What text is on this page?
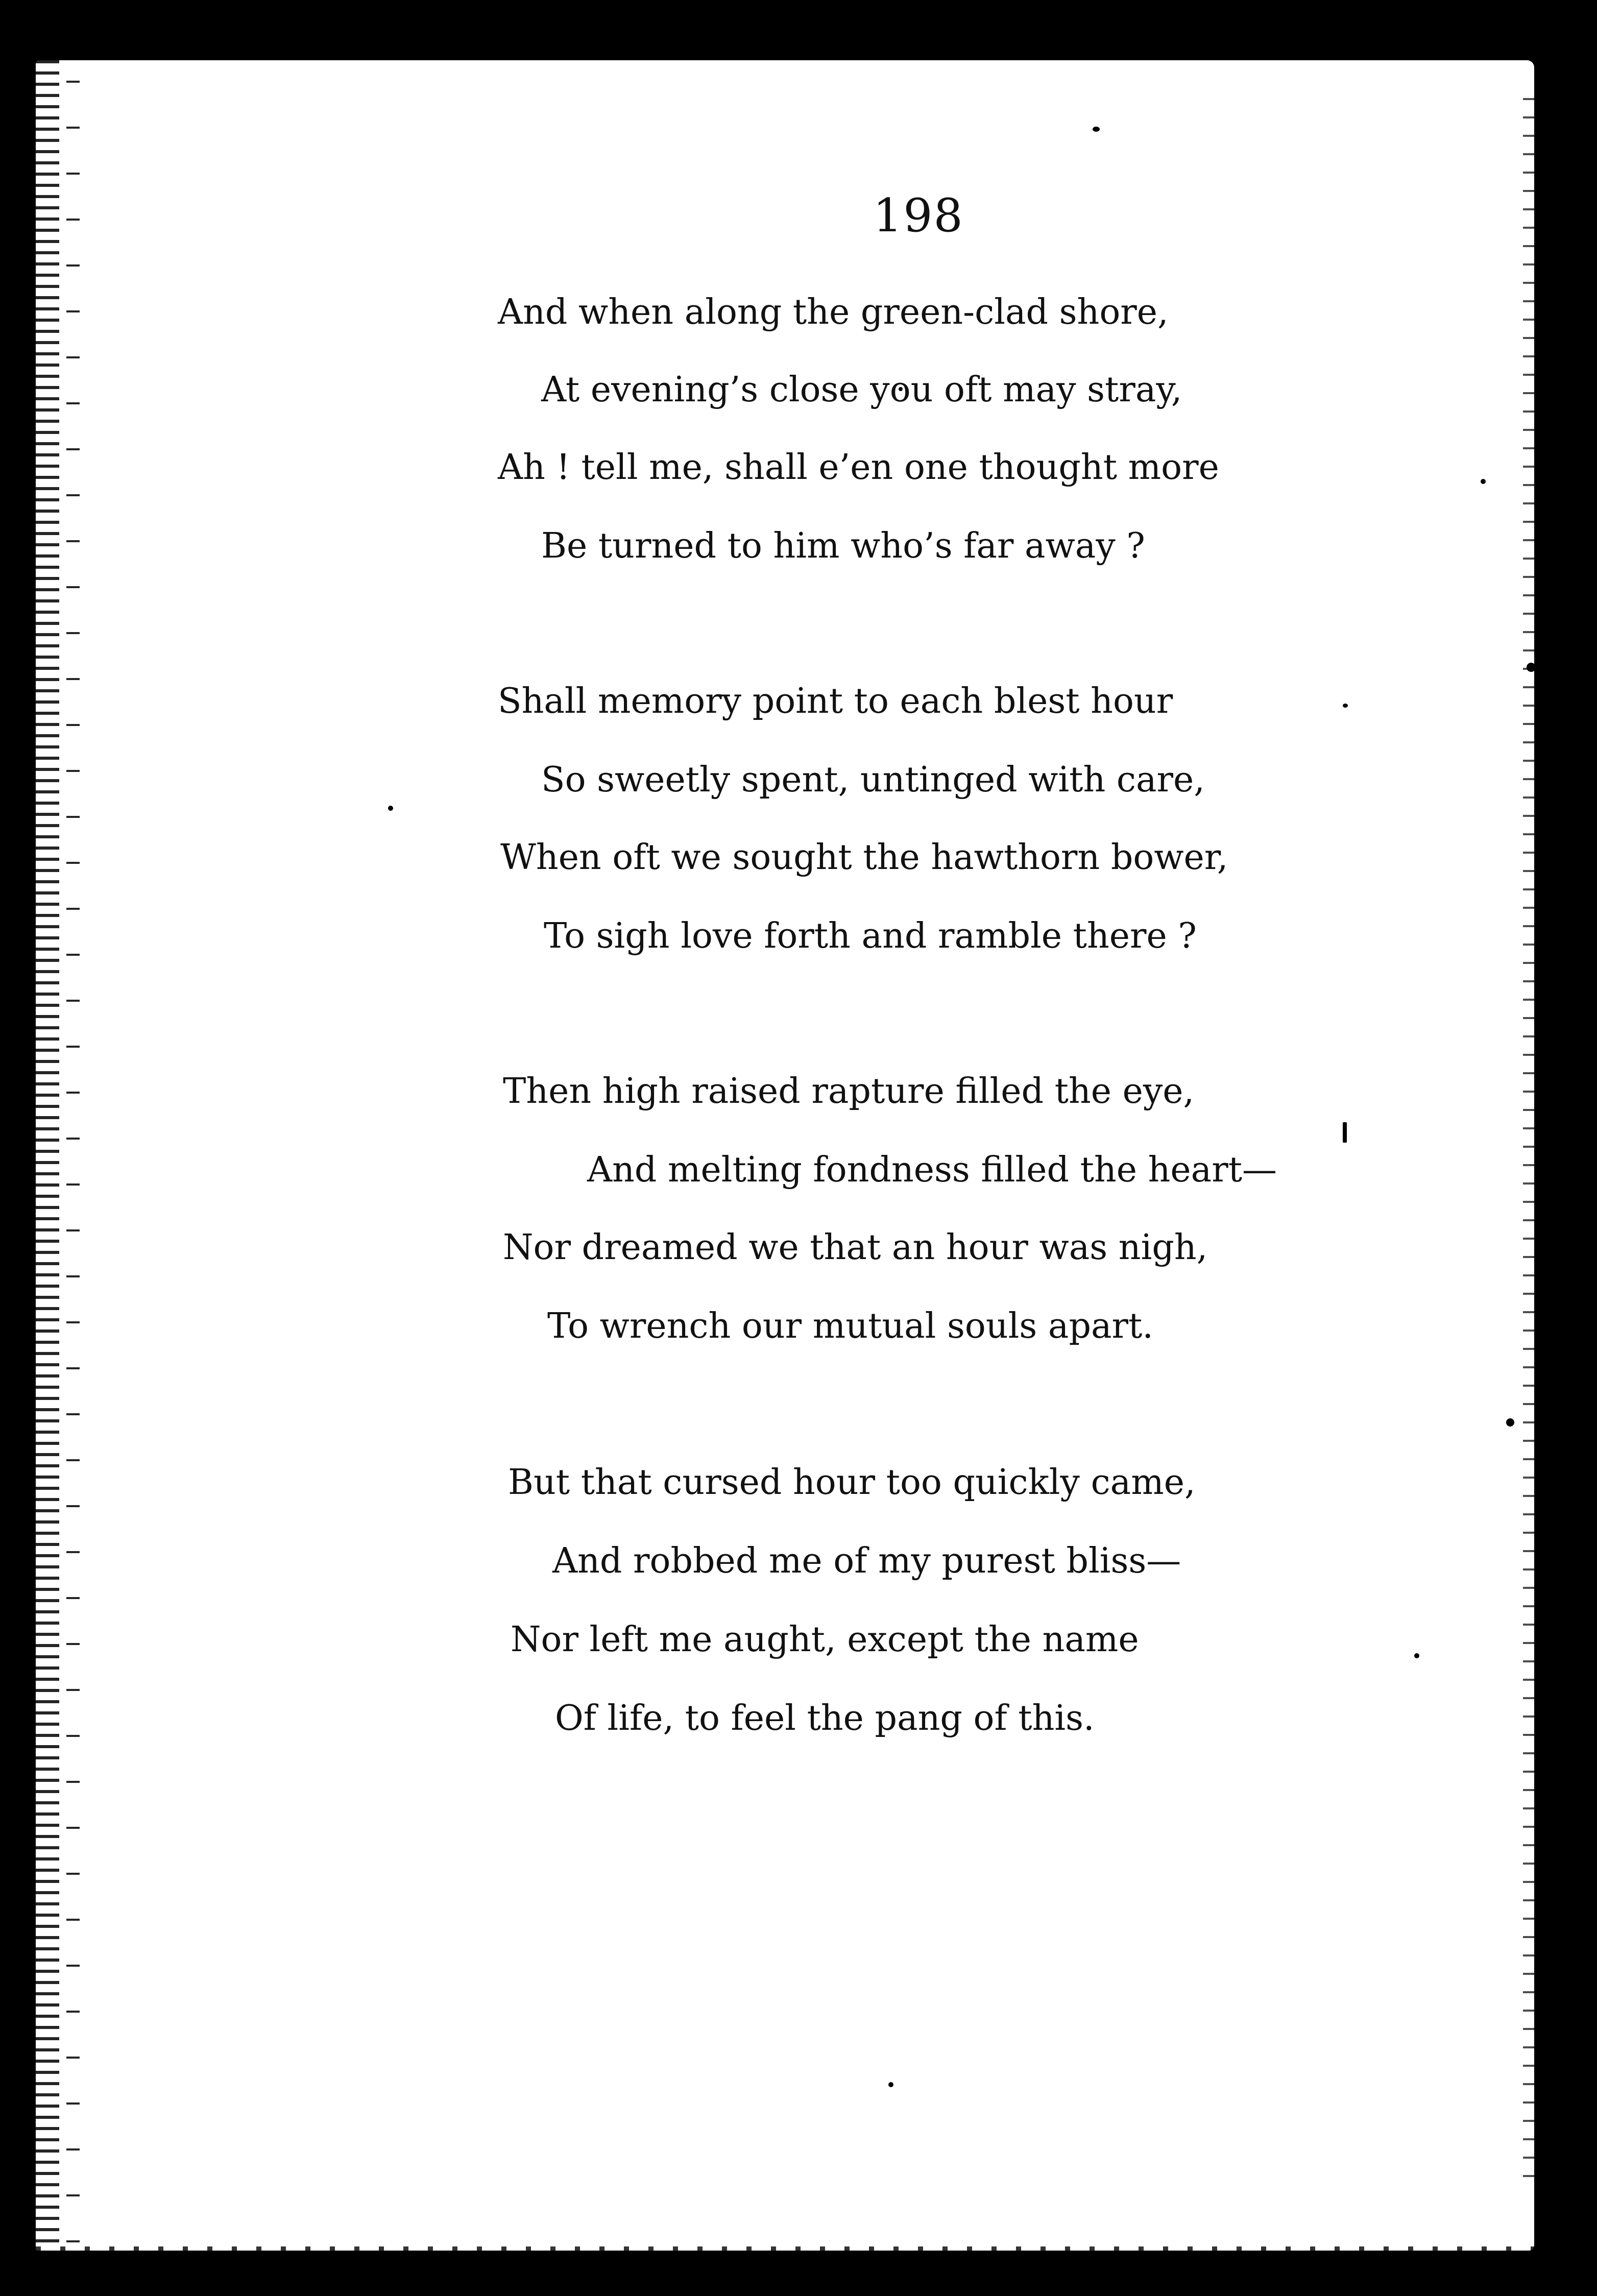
198
And when along the green-clad shore,
At evening’s close you oft may stray,
Ah ! tell me, shall e’en one thought more
Be turned to him who’s far away ?
Shall memory point to each blest hour
So sweetly spent, untinged with care,
When oft we sought the hawthorn bower,
To sigh love forth and ramble there ?
Then high raised rapture filled the eye,
And melting fondness filled the heart—
Nor dreamed we that an hour was nigh,
To wrench our mutual souls apart.
But that cursed hour too quickly came,
And robbed me of my purest bliss—
Nor left me aught, except the name
Of life, to feel the pang of this.
